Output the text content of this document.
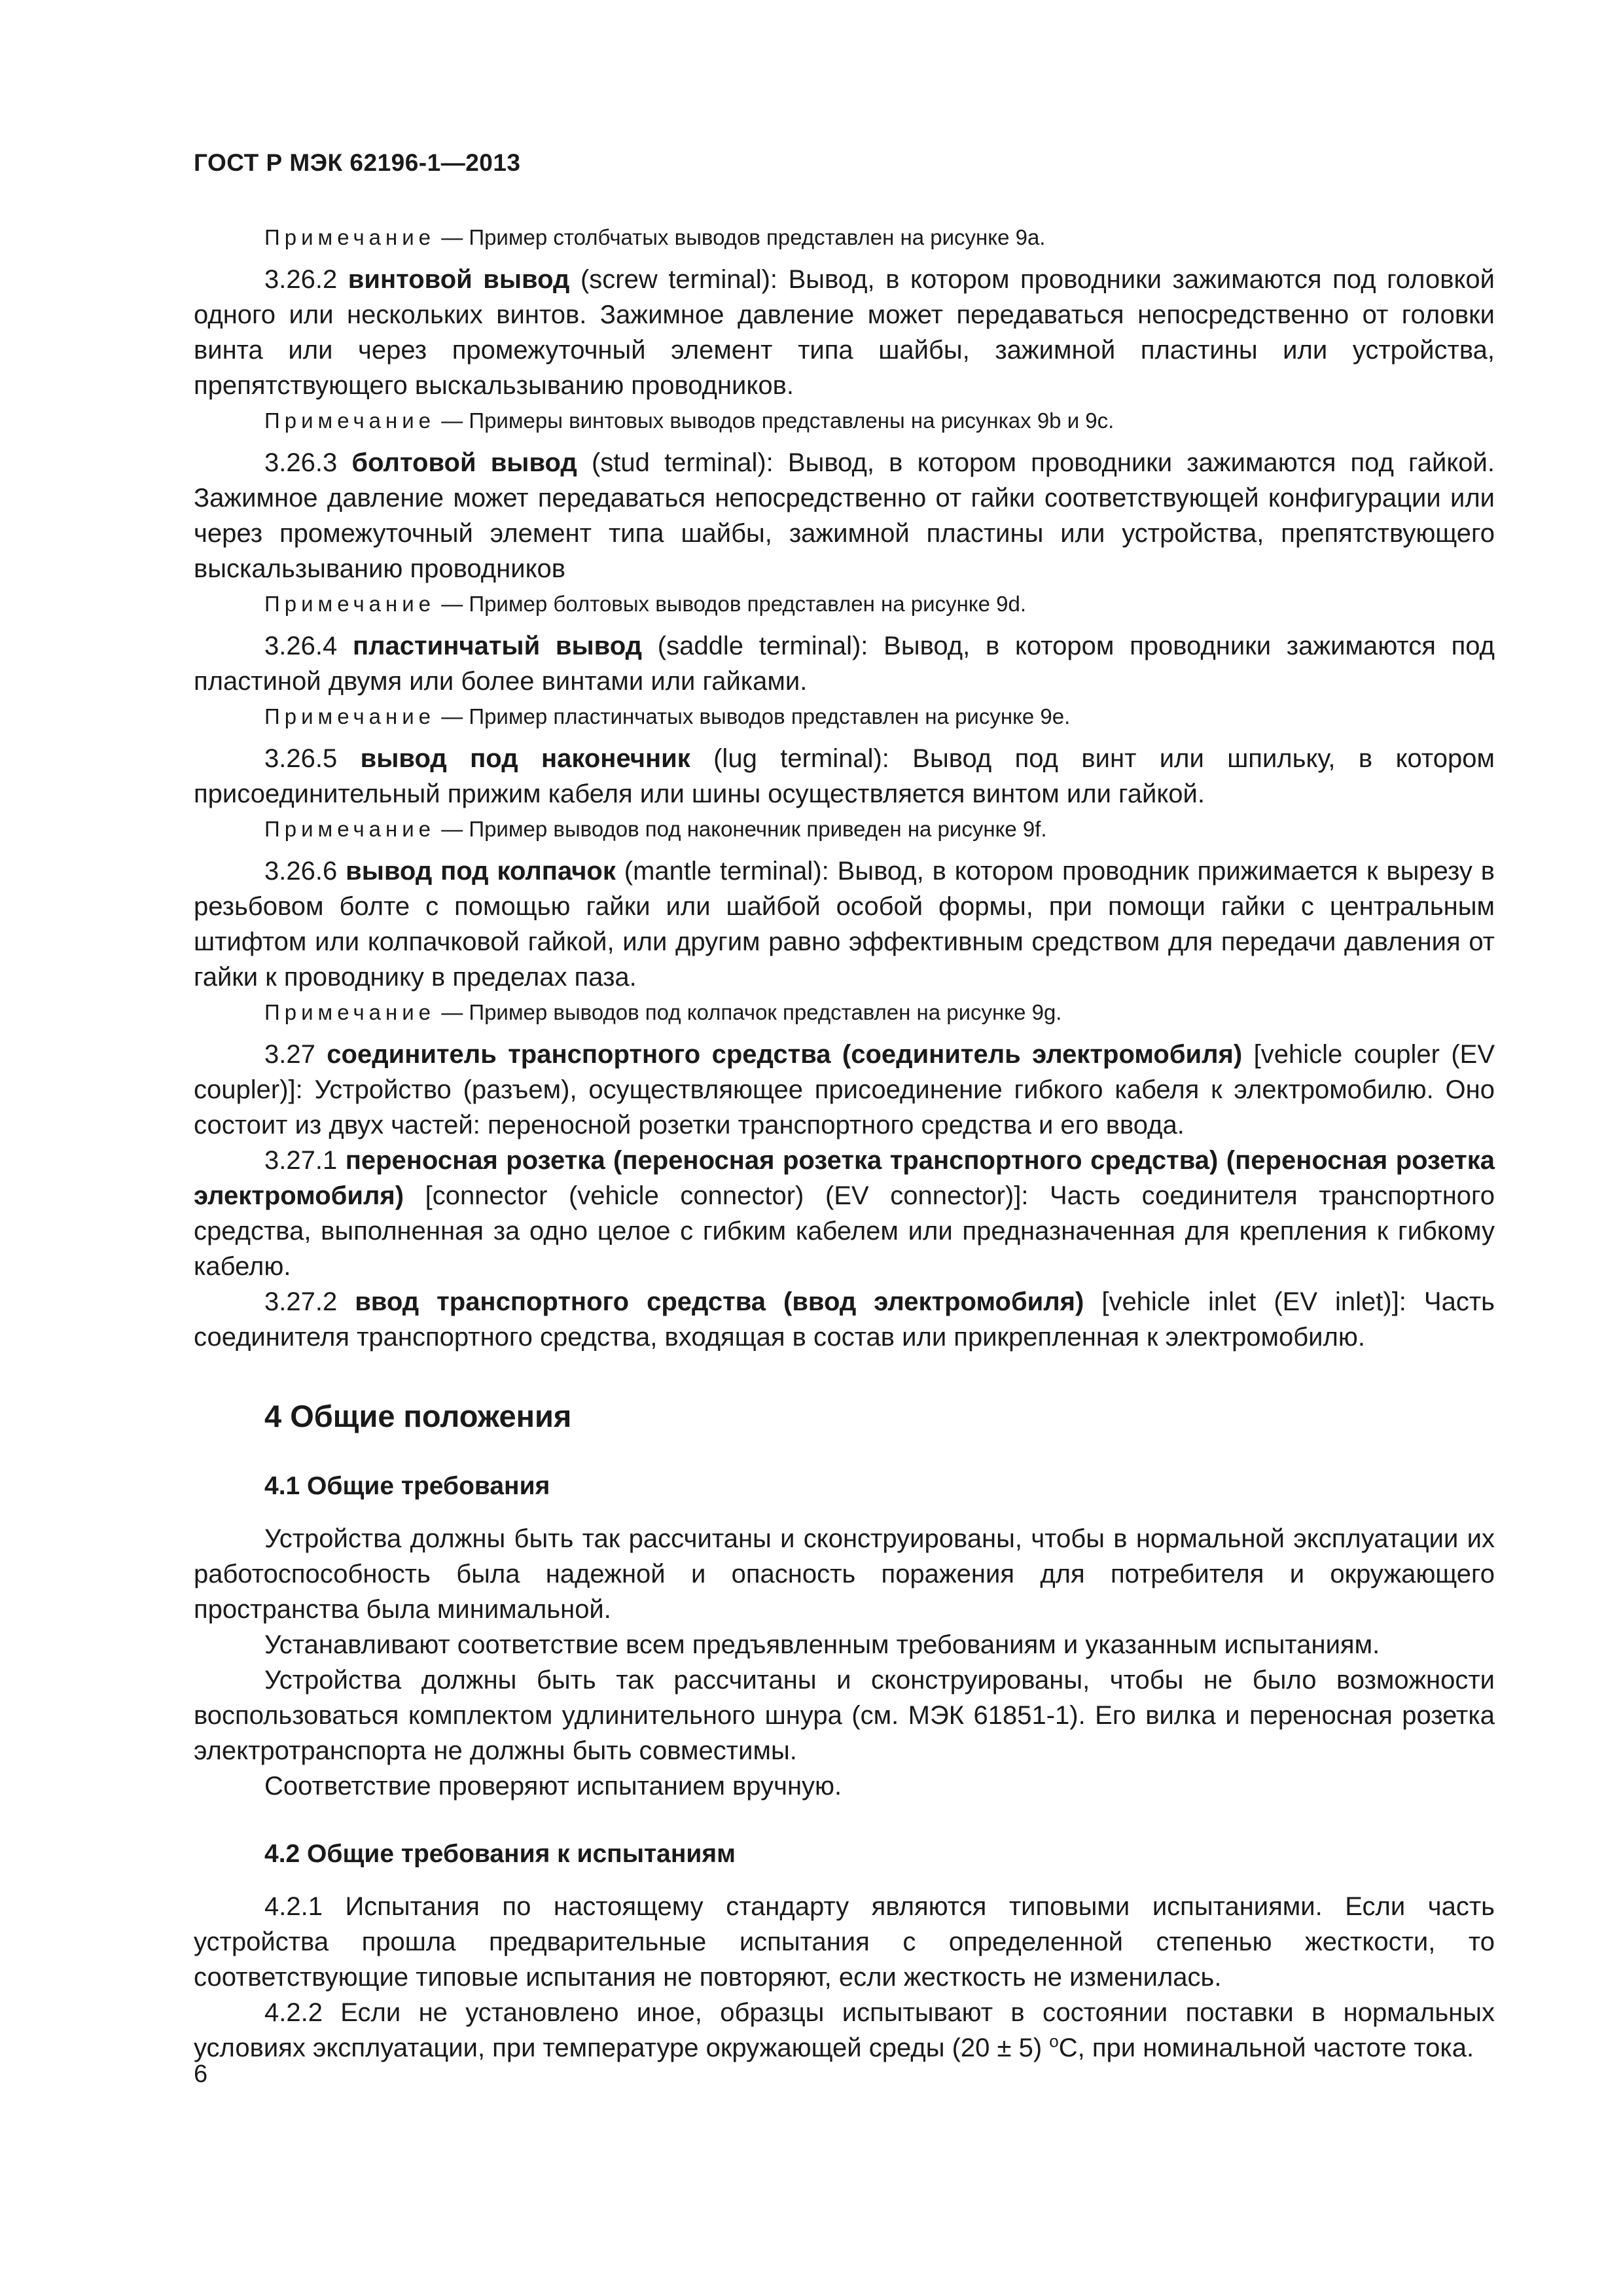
ГОСТ Р МЭК 62196-1—2013

Примечание — Пример столбчатых выводов представлен на рисунке 9a.

3.26.2 винтовой вывод (screw terminal): Вывод, в котором проводники зажимаются под головкой одного или нескольких винтов. Зажимное давление может передаваться непосредственно от головки винта или через промежуточный элемент типа шайбы, зажимной пластины или устройства, препятствующего выскальзыванию проводников.

Примечание — Примеры винтовых выводов представлены на рисунках 9b и 9c.

3.26.3 болтовой вывод (stud terminal): Вывод, в котором проводники зажимаются под гайкой. Зажимное давление может передаваться непосредственно от гайки соответствующей конфигурации или через промежуточный элемент типа шайбы, зажимной пластины или устройства, препятствующего выскальзыванию проводников

Примечание — Пример болтовых выводов представлен на рисунке 9d.

3.26.4 пластинчатый вывод (saddle terminal): Вывод, в котором проводники зажимаются под пластиной двумя или более винтами или гайками.

Примечание — Пример пластинчатых выводов представлен на рисунке 9e.

3.26.5 вывод под наконечник (lug terminal): Вывод под винт или шпильку, в котором присоединительный прижим кабеля или шины осуществляется винтом или гайкой.

Примечание — Пример выводов под наконечник приведен на рисунке 9f.

3.26.6 вывод под колпачок (mantle terminal): Вывод, в котором проводник прижимается к вырезу в резьбовом болте с помощью гайки или шайбой особой формы, при помощи гайки с центральным штифтом или колпачковой гайкой, или другим равно эффективным средством для передачи давления от гайки к проводнику в пределах паза.

Примечание — Пример выводов под колпачок представлен на рисунке 9g.

3.27 соединитель транспортного средства (соединитель электромобиля) [vehicle coupler (EV coupler)]: Устройство (разъем), осуществляющее присоединение гибкого кабеля к электромобилю. Оно состоит из двух частей: переносной розетки транспортного средства и его ввода.

3.27.1 переносная розетка (переносная розетка транспортного средства) (переносная розетка электромобиля) [connector (vehicle connector) (EV connector)]: Часть соединителя транспортного средства, выполненная за одно целое с гибким кабелем или предназначенная для крепления к гибкому кабелю.

3.27.2 ввод транспортного средства (ввод электромобиля) [vehicle inlet (EV inlet)]: Часть соединителя транспортного средства, входящая в состав или прикрепленная к электромобилю.

4 Общие положения
4.1 Общие требования

Устройства должны быть так рассчитаны и сконструированы, чтобы в нормальной эксплуатации их работоспособность была надежной и опасность поражения для потребителя и окружающего пространства была минимальной.

Устанавливают соответствие всем предъявленным требованиям и указанным испытаниям.

Устройства должны быть так рассчитаны и сконструированы, чтобы не было возможности воспользоваться комплектом удлинительного шнура (см. МЭК 61851-1). Его вилка и переносная розетка электротранспорта не должны быть совместимы.

Соответствие проверяют испытанием вручную.

4.2 Общие требования к испытаниям

4.2.1 Испытания по настоящему стандарту являются типовыми испытаниями. Если часть устройства прошла предварительные испытания с определенной степенью жесткости, то соответствующие типовые испытания не повторяют, если жесткость не изменилась.

4.2.2 Если не установлено иное, образцы испытывают в состоянии поставки в нормальных условиях эксплуатации, при температуре окружающей среды (20 ± 5) $^o$С, при номинальной частоте тока.

6
